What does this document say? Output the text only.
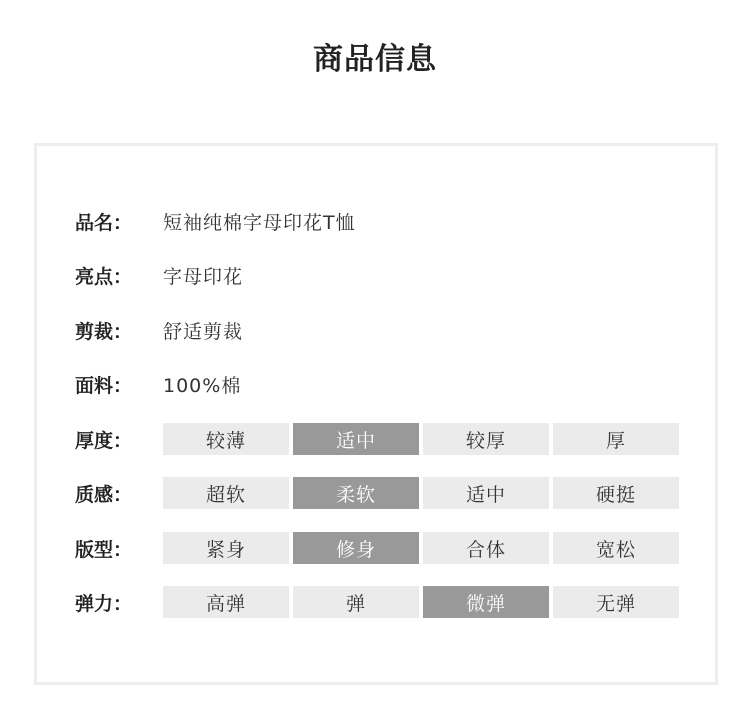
商品信息
品名：	短袖纯棉字母印花T恤
亮点：	字母印花
剪裁：	舒适剪裁
面料：	100%棉
厚度：	较薄	适中	较厚	厚
质感：	超软	柔软	适中	硬挺
版型：	紧身	修身	合体	宽松
弹力：	高弹	弹	微弹	无弹
